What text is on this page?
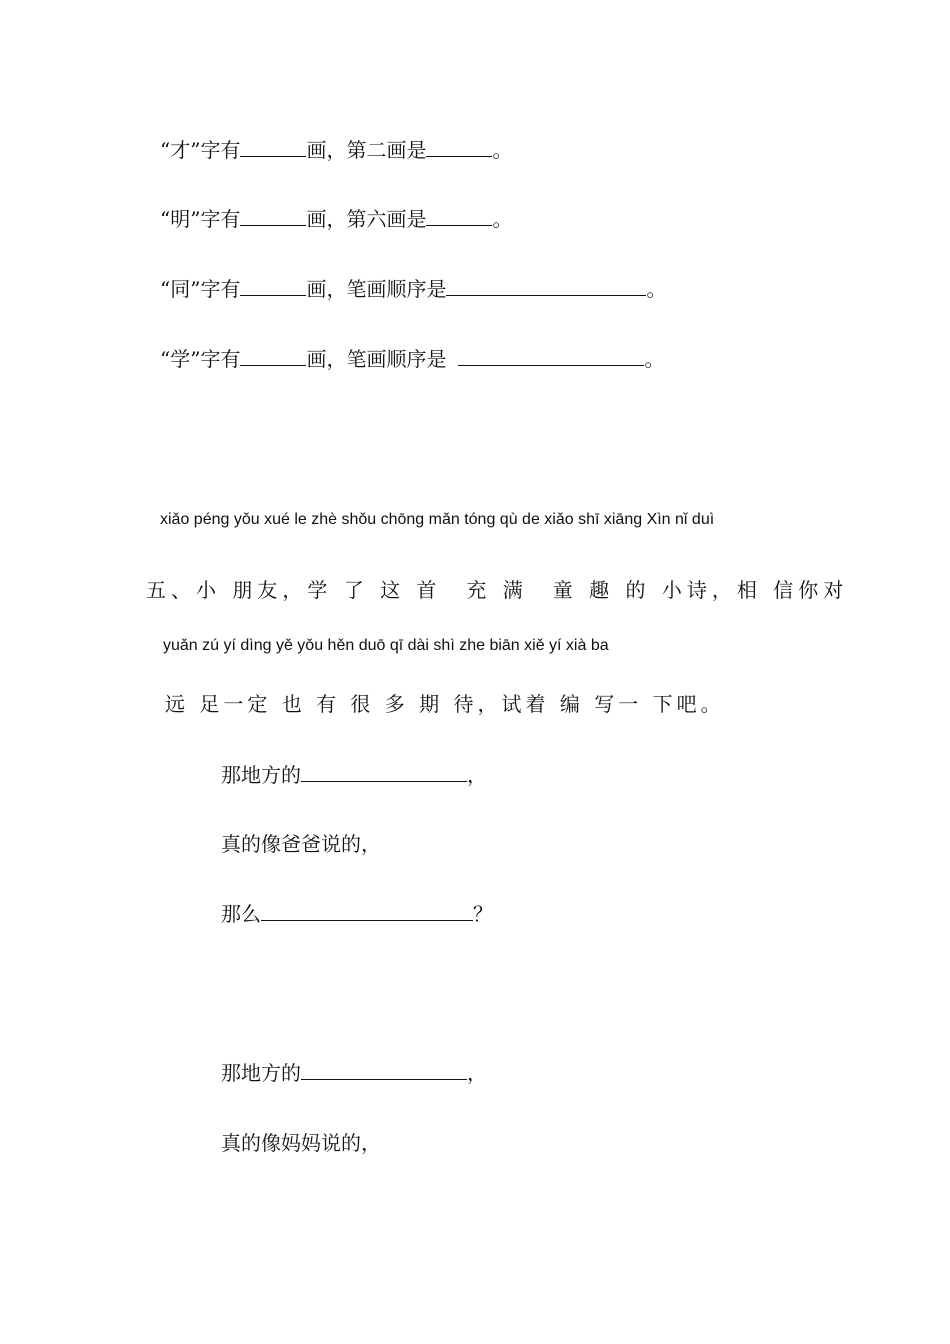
“才”字有	画，第二画是	。
“明”字有	画，第六画是	。
“同”字有	画，笔画顺序是	。
“学”字有	画，笔画顺序是	。
xiǎo péng yǒu xué le zhè shǒu chōng mǎn tóng qù de xiǎo shī xiāng Xìn nǐ duì
五、小 朋友，学 了 这 首　充 满　童 趣 的 小诗，相 信你对
yuǎn zú yí dìng yě yǒu hěn duō qī dài shì zhe biān xiě yí xià ba
远 足一定 也 有 很 多 期 待，试着 编 写一 下吧。
那地方的	，
真的像爸爸说的，
那么	？
那地方的	，
真的像妈妈说的，
